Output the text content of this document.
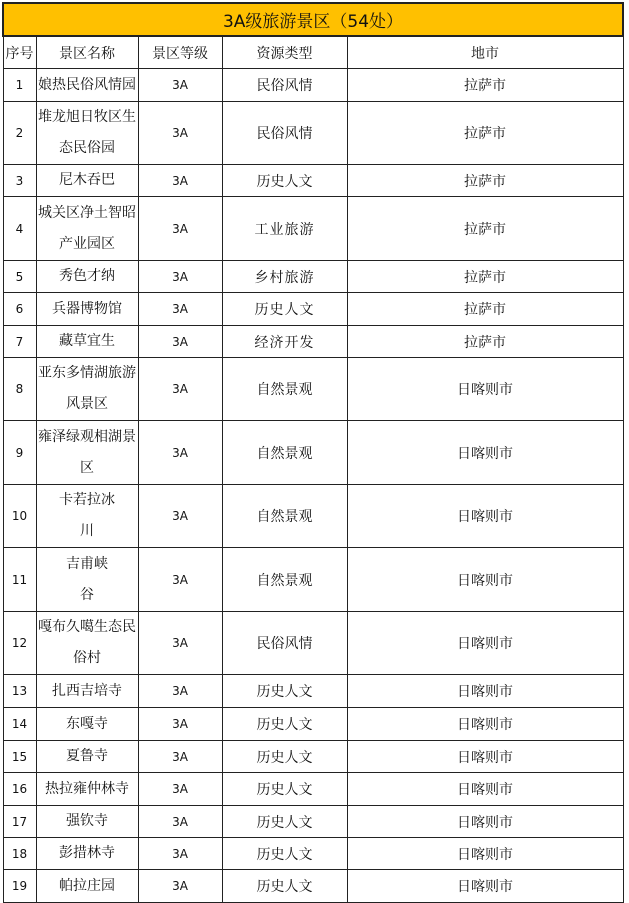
3A级旅游景区（54处）				
序号	景区名称	景区等级	资源类型	地市
1	娘热民俗风情园	3A	民俗风情	拉萨市
2	堆龙旭日牧区生态民俗园	3A	民俗风情	拉萨市
3	尼木吞巴	3A	历史人文	拉萨市
4	城关区净土智昭产业园区	3A	工业旅游	拉萨市
5	秀色才纳	3A	乡村旅游	拉萨市
6	兵器博物馆	3A	历史人文	拉萨市
7	藏草宜生	3A	经济开发	拉萨市
8	亚东多情湖旅游风景区	3A	自然景观	日喀则市
9	雍泽绿观相湖景区	3A	自然景观	日喀则市
10	卡若拉冰川	3A	自然景观	日喀则市
11	吉甫峡谷	3A	自然景观	日喀则市
12	嘎布久噶生态民俗村	3A	民俗风情	日喀则市
13	扎西吉培寺	3A	历史人文	日喀则市
14	东嘎寺	3A	历史人文	日喀则市
15	夏鲁寺	3A	历史人文	日喀则市
16	热拉雍仲林寺	3A	历史人文	日喀则市
17	强钦寺	3A	历史人文	日喀则市
18	彭措林寺	3A	历史人文	日喀则市
19	帕拉庄园	3A	历史人文	日喀则市
